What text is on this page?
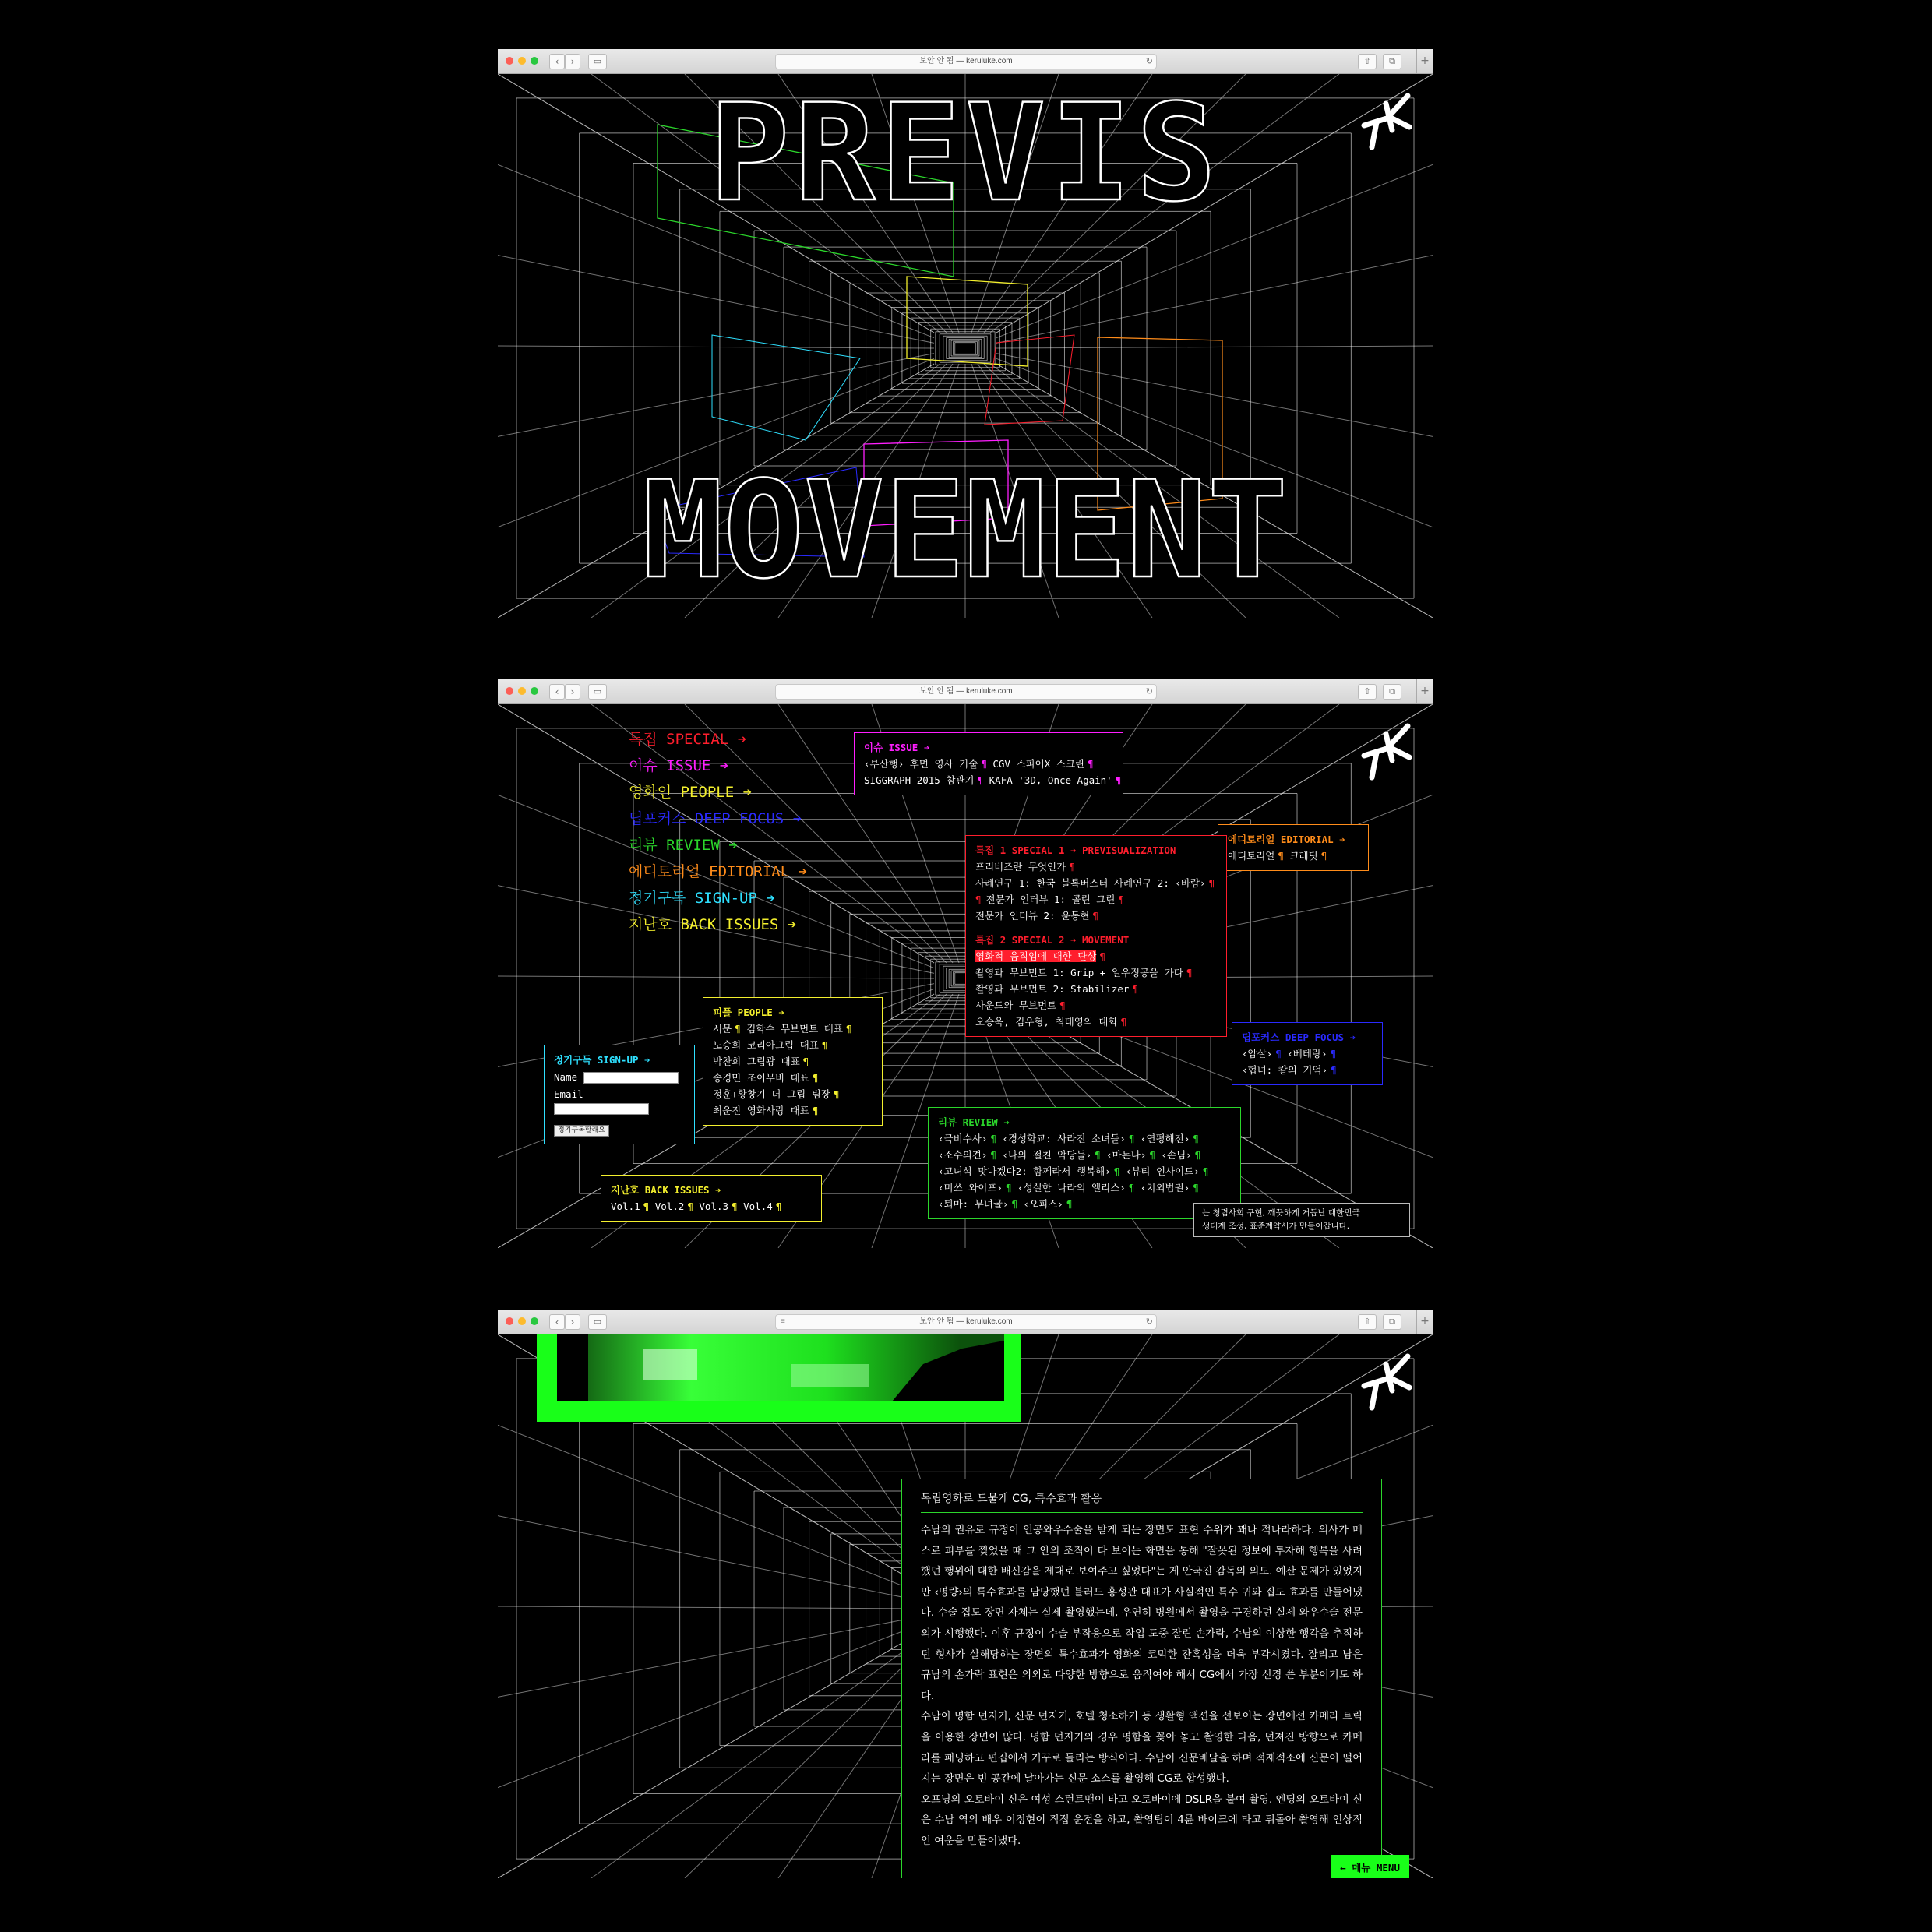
‹	›	▭	보안 안 됨 — keruluke.com	↻	⇧	⧉	+
PREVIS
MOVEMENT
‹	›	▭	보안 안 됨 — keruluke.com	↻	⇧	⧉	+
특집 SPECIAL ➔
이슈 ISSUE ➔
영화인 PEOPLE ➔
딥포커스 DEEP FOCUS ➔
리뷰 REVIEW ➔
에디토리얼 EDITORIAL ➔
정기구독 SIGN-UP ➔
지난호 BACK ISSUES ➔
이슈 ISSUE ➔
‹부산행› 후면 영사 기술 ¶ CGV 스피어X 스크린 ¶
SIGGRAPH 2015 참관기 ¶ KAFA '3D, Once Again' ¶
에디토리얼 EDITORIAL ➔
에디토리얼 ¶ 크레딧 ¶
특집 1 SPECIAL 1 ➔ PREVISUALIZATION
프리비즈란 무엇인가 ¶
사례연구 1: 한국 블록버스터 사례연구 2: ‹바람› ¶
¶ 전문가 인터뷰 1: 콜린 그린 ¶
전문가 인터뷰 2: 윤동현 ¶
특집 2 SPECIAL 2 ➔ MOVEMENT
영화적 움직임에 대한 단상 ¶
촬영과 무브먼트 1: Grip + 일우정공을 가다 ¶
촬영과 무브먼트 2: Stabilizer ¶
사운드와 무브먼트 ¶
오승욱, 김우형, 최태영의 대화 ¶
딥포커스 DEEP FOCUS ➔
‹암살› ¶ ‹베테랑› ¶
‹협녀: 칼의 기억› ¶
피플 PEOPLE ➔
서문 ¶ 김학수 무브먼트 대표 ¶
노승희 코리아그립 대표 ¶
박찬희 그립광 대표 ¶
송경민 조이무비 대표 ¶
정훈+황창기 더 그립 팀장 ¶
최운진 영화사랑 대표 ¶
정기구독 SIGN-UP ➔
Name
Email
정기구독할래요
리뷰 REVIEW ➔
‹극비수사› ¶ ‹경성학교: 사라진 소녀들› ¶ ‹연평해전› ¶
‹소수의견› ¶ ‹나의 절친 악당들› ¶ ‹마돈나› ¶ ‹손님› ¶
‹고녀석 맛나겠다2: 함께라서 행복해› ¶ ‹뷰티 인사이드› ¶
‹미쓰 와이프› ¶ ‹성실한 나라의 앨리스› ¶ ‹치외법권› ¶
‹퇴마: 무녀굴› ¶ ‹오피스› ¶
지난호 BACK ISSUES ➔
Vol.1 ¶ Vol.2 ¶ Vol.3 ¶ Vol.4 ¶
는 청렴사회 구현, 깨끗하게 거듭난 대한민국
생태계 조성, 표준계약서가 만들어갑니다.
‹	›	▭	≡	보안 안 됨 — keruluke.com	↻	⇧	⧉	+
독립영화로 드물게 CG, 특수효과 활용

수남의 권유로 규정이 인공와우수술을 받게 되는 장면도 표현 수위가 꽤나 적나라하다. 의사가 메스로 피부를 찢었을 때 그 안의 조직이 다 보이는 화면을 통해 "잘못된 정보에 투자해 행복을 사려 했던 행위에 대한 배신감을 제대로 보여주고 싶었다"는 게 안국진 감독의 의도. 예산 문제가 있었지만 ‹명량›의 특수효과를 담당했던 블러드 홍성관 대표가 사실적인 특수 귀와 집도 효과를 만들어냈다. 수술 집도 장면 자체는 실제 촬영했는데, 우연히 병원에서 촬영을 구경하던 실제 와우수술 전문의가 시행했다. 이후 규정이 수술 부작용으로 작업 도중 잘린 손가락, 수남의 이상한 행각을 추적하던 형사가 살해당하는 장면의 특수효과가 영화의 코믹한 잔혹성을 더욱 부각시켰다. 잘리고 남은 규남의 손가락 표현은 의외로 다양한 방향으로 움직여야 해서 CG에서 가장 신경 쓴 부분이기도 하다.

수남이 명함 던지기, 신문 던지기, 호텔 청소하기 등 생활형 액션을 선보이는 장면에선 카메라 트릭을 이용한 장면이 많다. 명함 던지기의 경우 명함을 꽂아 놓고 촬영한 다음, 던져진 방향으로 카메라를 패닝하고 편집에서 거꾸로 돌리는 방식이다. 수남이 신문배달을 하며 적재적소에 신문이 떨어지는 장면은 빈 공간에 날아가는 신문 소스를 촬영해 CG로 합성했다.

오프닝의 오토바이 신은 여성 스턴트맨이 타고 오토바이에 DSLR을 붙여 촬영. 엔딩의 오토바이 신은 수남 역의 배우 이정현이 직접 운전을 하고, 촬영팀이 4륜 바이크에 타고 뒤돌아 촬영해 인상적인 여운을 만들어냈다.

← 메뉴 MENU
